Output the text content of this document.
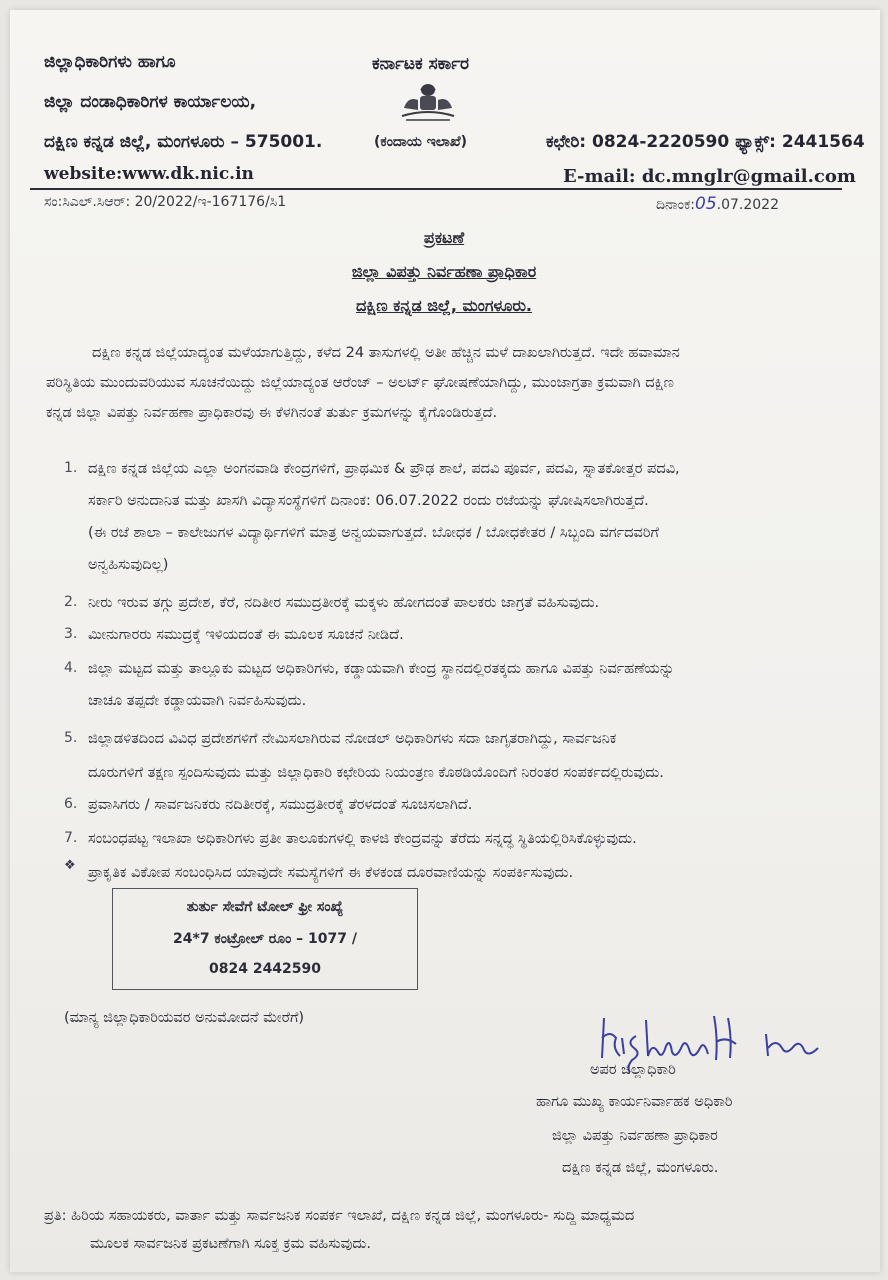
ಜಿಲ್ಲಾಧಿಕಾರಿಗಳು ಹಾಗೂ
ಜಿಲ್ಲಾ ದಂಡಾಧಿಕಾರಿಗಳ ಕಾರ್ಯಾಲಯ,
ದಕ್ಷಿಣ ಕನ್ನಡ ಜಿಲ್ಲೆ, ಮಂಗಳೂರು – 575001.	(ಕಂದಾಯ ಇಲಾಖೆ)
ಕರ್ನಾಟಕ ಸರ್ಕಾರ
ಕಛೇರಿ: 0824-2220590 ಫ್ಯಾಕ್ಸ್: 2441564
website:www.dk.nic.in	E-mail: dc.mnglr@gmail.com
ಸಂ:ಸಿಎಲ್.ಸಿಆರ್: 20/2022/ಇ-167176/ಸಿ1	ದಿನಾಂಕ:05.07.2022
ಪ್ರಕಟಣೆ
ಜಿಲ್ಲಾ ವಿಪತ್ತು ನಿರ್ವಹಣಾ ಪ್ರಾಧಿಕಾರ
ದಕ್ಷಿಣ ಕನ್ನಡ ಜಿಲ್ಲೆ, ಮಂಗಳೂರು.
ದಕ್ಷಿಣ ಕನ್ನಡ ಜಿಲ್ಲೆಯಾದ್ಯಂತ ಮಳೆಯಾಗುತ್ತಿದ್ದು, ಕಳೆದ 24 ತಾಸುಗಳಲ್ಲಿ ಅತೀ ಹೆಚ್ಚಿನ ಮಳೆ ದಾಖಲಾಗಿರುತ್ತದೆ. ಇದೇ ಹವಾಮಾನ
ಪರಿಸ್ಥಿತಿಯ ಮುಂದುವರಿಯುವ ಸೂಚನೆಯಿದ್ದು ಜಿಲ್ಲೆಯಾದ್ಯಂತ ಆರೆಂಜ್ – ಅಲರ್ಟ್ ಘೋಷಣೆಯಾಗಿದ್ದು, ಮುಂಜಾಗ್ರತಾ ಕ್ರಮವಾಗಿ ದಕ್ಷಿಣ
ಕನ್ನಡ ಜಿಲ್ಲಾ ವಿಪತ್ತು ನಿರ್ವಹಣಾ ಪ್ರಾಧಿಕಾರವು ಈ ಕೆಳಗಿನಂತೆ ತುರ್ತು ಕ್ರಮಗಳನ್ನು ಕೈಗೊಂಡಿರುತ್ತದೆ.
1. ದಕ್ಷಿಣ ಕನ್ನಡ ಜಿಲ್ಲೆಯ ಎಲ್ಲಾ ಅಂಗನವಾಡಿ ಕೇಂದ್ರಗಳಿಗೆ, ಪ್ರಾಥಮಿಕ & ಪ್ರೌಢ ಶಾಲೆ, ಪದವಿ ಪೂರ್ವ, ಪದವಿ, ಸ್ನಾತಕೋತ್ತರ ಪದವಿ,
ಸರ್ಕಾರಿ ಅನುದಾನಿತ ಮತ್ತು ಖಾಸಗಿ ವಿದ್ಯಾಸಂಸ್ಥೆಗಳಿಗೆ ದಿನಾಂಕ: 06.07.2022 ರಂದು ರಜೆಯನ್ನು ಘೋಷಿಸಲಾಗಿರುತ್ತದೆ.
(ಈ ರಜೆ ಶಾಲಾ – ಕಾಲೇಜುಗಳ ವಿದ್ಯಾರ್ಥಿಗಳಿಗೆ ಮಾತ್ರ ಅನ್ವಯವಾಗುತ್ತದೆ. ಬೋಧಕ / ಬೋಧಕೇತರ / ಸಿಬ್ಬಂದಿ ವರ್ಗದವರಿಗೆ
ಅನ್ವಹಿಸುವುದಿಲ್ಲ)
2. ನೀರು ಇರುವ ತಗ್ಗು ಪ್ರದೇಶ, ಕೆರೆ, ನದಿತೀರ ಸಮುದ್ರತೀರಕ್ಕೆ ಮಕ್ಕಳು ಹೋಗದಂತೆ ಪಾಲಕರು ಜಾಗ್ರತೆ ವಹಿಸುವುದು.
3. ಮೀನುಗಾರರು ಸಮುದ್ರಕ್ಕೆ ಇಳಿಯದಂತೆ ಈ ಮೂಲಕ ಸೂಚನೆ ನೀಡಿದೆ.
4. ಜಿಲ್ಲಾ ಮಟ್ಟದ ಮತ್ತು ತಾಲ್ಲೂಕು ಮಟ್ಟದ ಅಧಿಕಾರಿಗಳು, ಕಡ್ಡಾಯವಾಗಿ ಕೇಂದ್ರ ಸ್ಥಾನದಲ್ಲಿರತಕ್ಕದು ಹಾಗೂ ವಿಪತ್ತು ನಿರ್ವಹಣೆಯನ್ನು
ಚಾಚೂ ತಪ್ಪದೇ ಕಡ್ಡಾಯವಾಗಿ ನಿರ್ವಹಿಸುವುದು.
5. ಜಿಲ್ಲಾಡಳಿತದಿಂದ ವಿವಿಧ ಪ್ರದೇಶಗಳಿಗೆ ನೇಮಿಸಲಾಗಿರುವ ನೋಡಲ್ ಅಧಿಕಾರಿಗಳು ಸದಾ ಜಾಗೃತರಾಗಿದ್ದು, ಸಾರ್ವಜನಿಕ
ದೂರುಗಳಿಗೆ ತಕ್ಷಣ ಸ್ಪಂದಿಸುವುದು ಮತ್ತು ಜಿಲ್ಲಾಧಿಕಾರಿ ಕಛೇರಿಯ ನಿಯಂತ್ರಣ ಕೊಠಡಿಯೊಂದಿಗೆ ನಿರಂತರ ಸಂಪರ್ಕದಲ್ಲಿರುವುದು.
6. ಪ್ರವಾಸಿಗರು / ಸಾರ್ವಜನಿಕರು ನದಿತೀರಕ್ಕೆ, ಸಮುದ್ರತೀರಕ್ಕೆ ತೆರಳದಂತೆ ಸೂಚಿಸಲಾಗಿದೆ.
7. ಸಂಬಂಧಪಟ್ಟ ಇಲಾಖಾ ಅಧಿಕಾರಿಗಳು ಪ್ರತೀ ತಾಲೂಕುಗಳಲ್ಲಿ ಕಾಳಜಿ ಕೇಂದ್ರವನ್ನು ತೆರೆದು ಸನ್ನದ್ಧ ಸ್ಥಿತಿಯಲ್ಲಿರಿಸಿಕೊಳ್ಳುವುದು.
❖ ಪ್ರಾಕೃತಿಕ ವಿಕೋಪ ಸಂಬಂಧಿಸಿದ ಯಾವುದೇ ಸಮಸ್ಯೆಗಳಿಗೆ ಈ ಕೆಳಕಂಡ ದೂರವಾಣಿಯನ್ನು ಸಂಪರ್ಕಿಸುವುದು.
ತುರ್ತು ಸೇವೆಗೆ ಟೋಲ್ ಫ್ರೀ ಸಂಖ್ಯೆ
24*7 ಕಂಟ್ರೋಲ್ ರೂಂ – 1077 /
0824 2442590
(ಮಾನ್ಯ ಜಿಲ್ಲಾಧಿಕಾರಿಯವರ ಅನುಮೋದನೆ ಮೇರೆಗೆ)
ಅಪರ ಜಿಲ್ಲಾಧಿಕಾರಿ
ಹಾಗೂ ಮುಖ್ಯ ಕಾರ್ಯನಿರ್ವಾಹಕ ಅಧಿಕಾರಿ
ಜಿಲ್ಲಾ ವಿಪತ್ತು ನಿರ್ವಹಣಾ ಪ್ರಾಧಿಕಾರ
ದಕ್ಷಿಣ ಕನ್ನಡ ಜಿಲ್ಲೆ, ಮಂಗಳೂರು.
ಪ್ರತಿ: ಹಿರಿಯ ಸಹಾಯಕರು, ವಾರ್ತಾ ಮತ್ತು ಸಾರ್ವಜನಿಕ ಸಂಪರ್ಕ ಇಲಾಖೆ, ದಕ್ಷಿಣ ಕನ್ನಡ ಜಿಲ್ಲೆ, ಮಂಗಳೂರು- ಸುದ್ದಿ ಮಾಧ್ಯಮದ
ಮೂಲಕ ಸಾರ್ವಜನಿಕ ಪ್ರಕಟಣೆಗಾಗಿ ಸೂಕ್ತ ಕ್ರಮ ವಹಿಸುವುದು.
